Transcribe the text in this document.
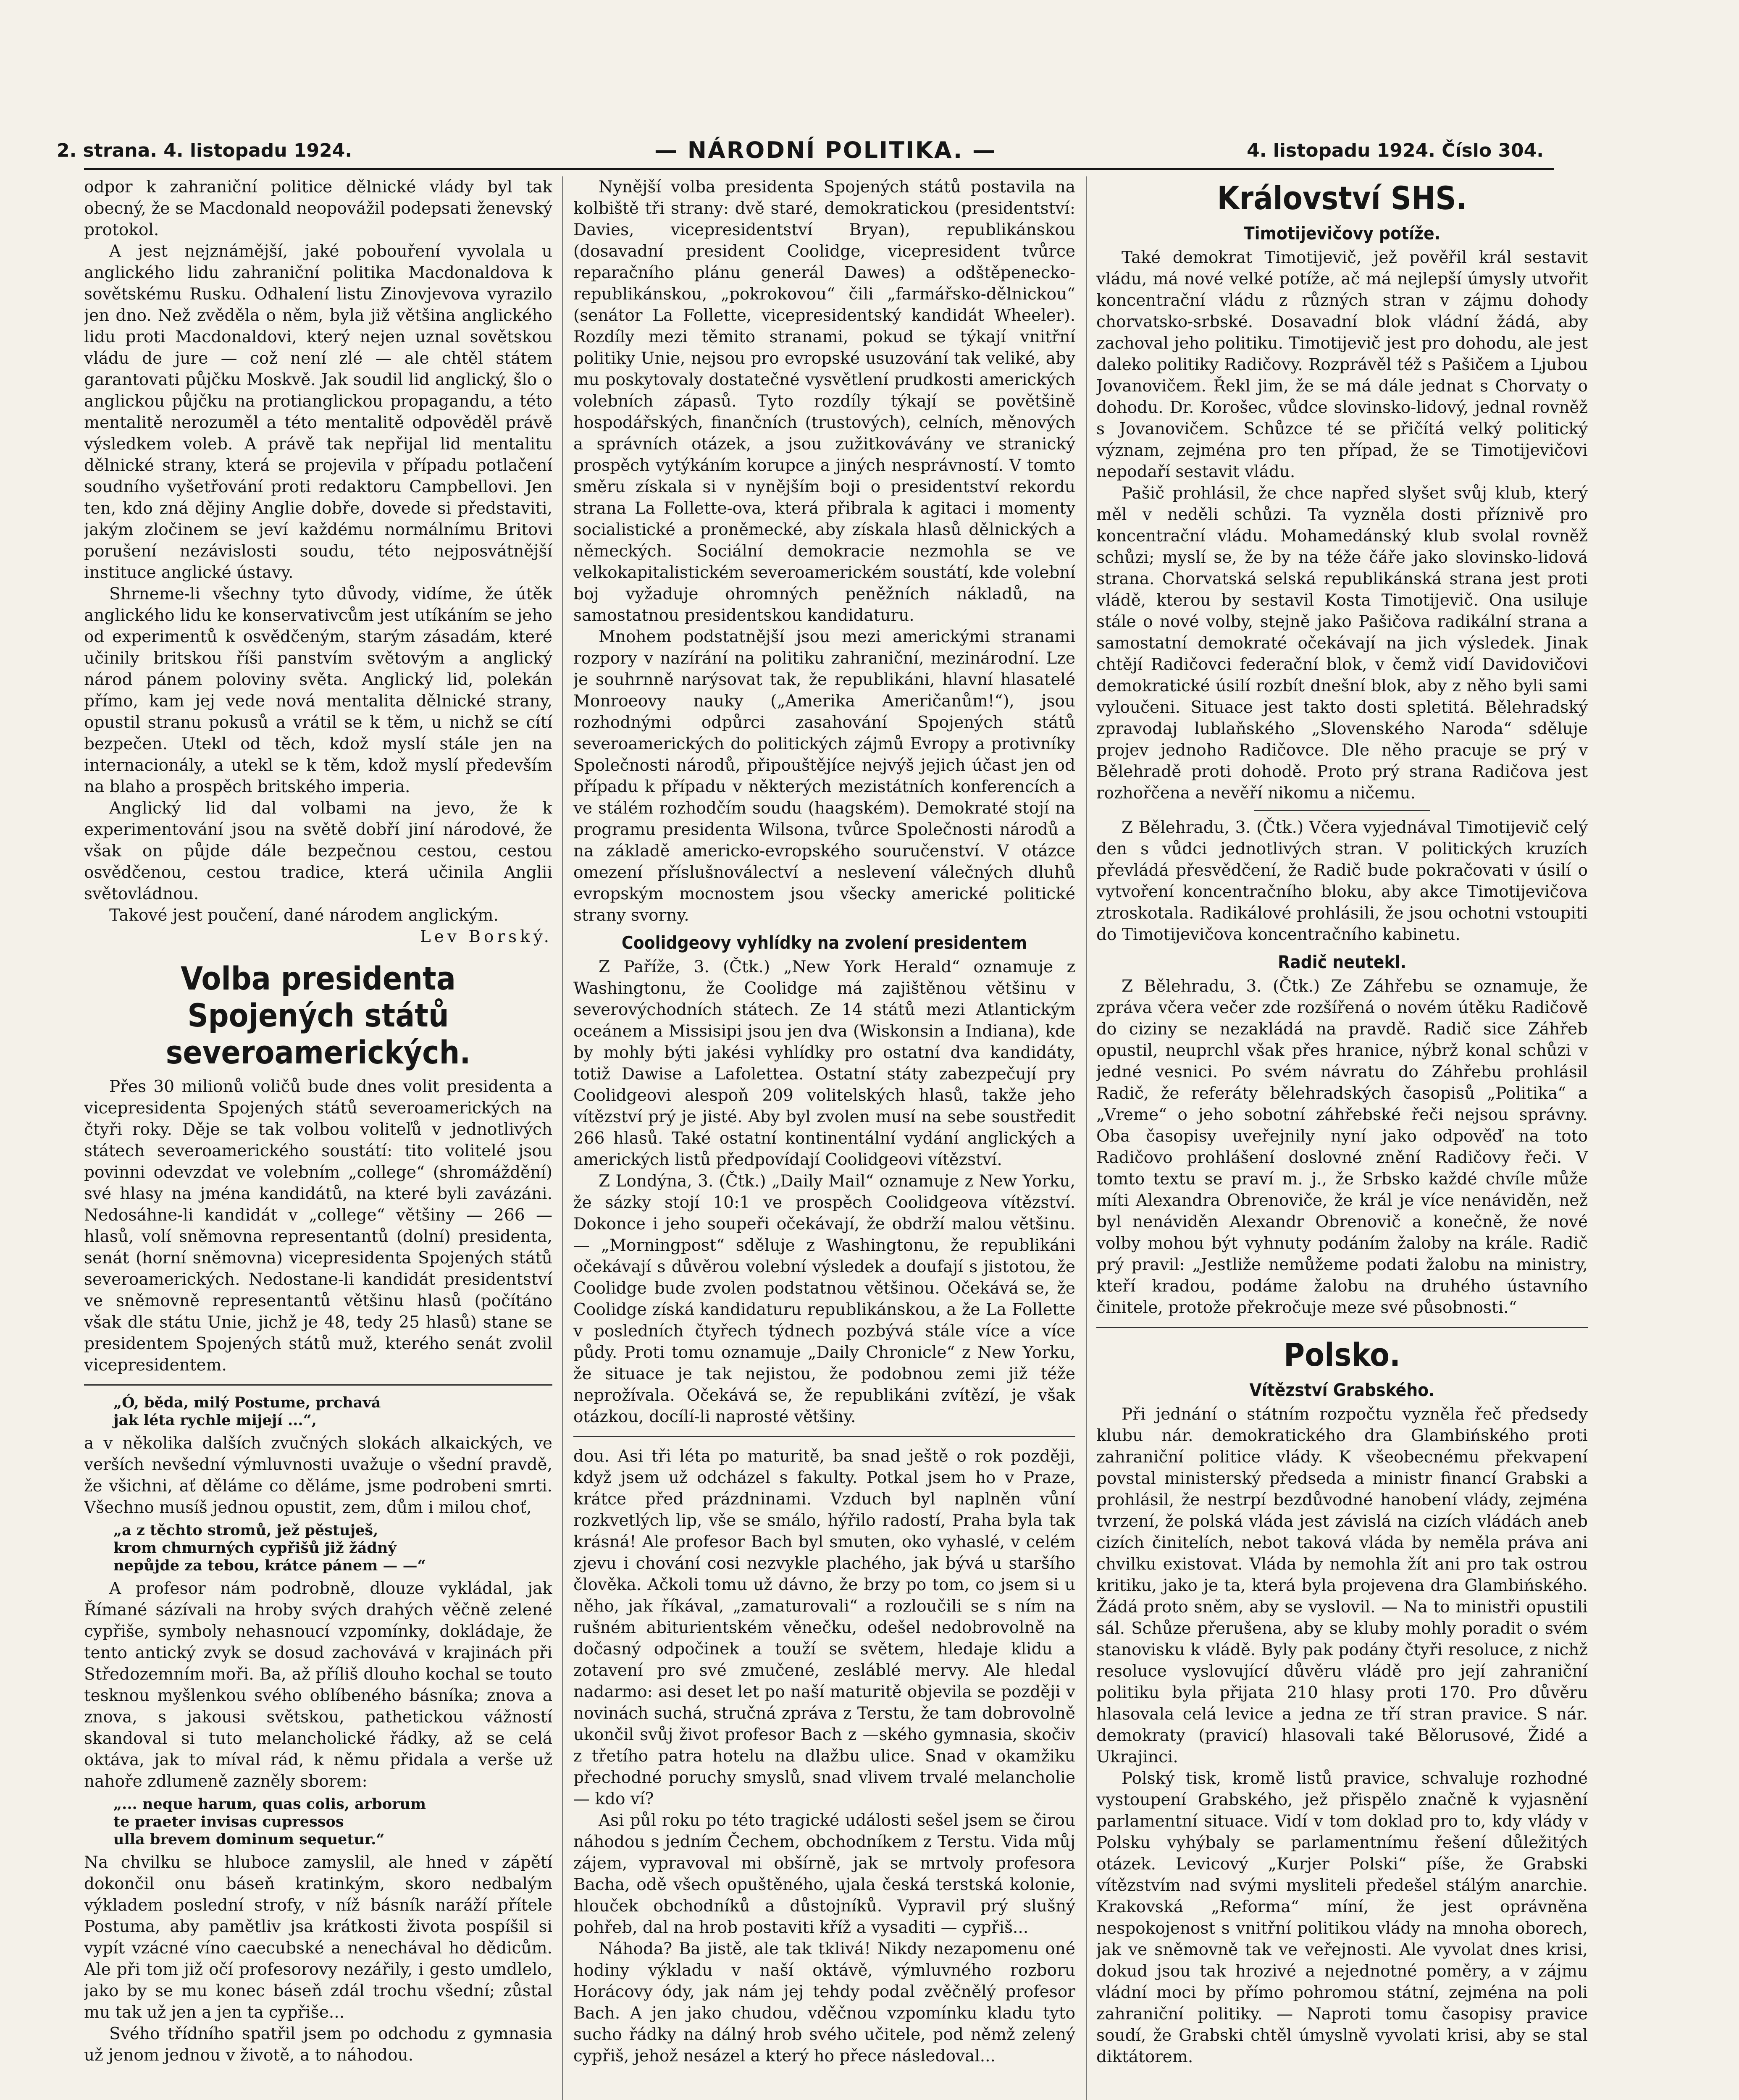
2. strana. 4. listopadu 1924.	— NÁRODNÍ POLITIKA. —	4. listopadu 1924. Číslo 304.

odpor k zahraniční politice dělnické vlády byl tak obecný, že se Macdonald neopovážil podepsati ženevský protokol.

A jest nejznámější, jaké pobouření vyvolala u anglického lidu zahraniční politika Macdonaldova k sovětskému Rusku. Odhalení listu Zinovjevova vyrazilo jen dno. Než zvěděla o něm, byla již většina anglického lidu proti Macdonaldovi, který nejen uznal sovětskou vládu de jure — což není zlé — ale chtěl státem garantovati půjčku Moskvě. Jak soudil lid anglický, šlo o anglickou půjčku na protianglickou propagandu, a této mentalitě nerozuměl a této mentalitě odpověděl právě výsledkem voleb. A právě tak nepřijal lid mentalitu dělnické strany, která se projevila v případu potlačení soudního vyšetřování proti redaktoru Campbellovi. Jen ten, kdo zná dějiny Anglie dobře, dovede si představiti, jakým zločinem se jeví každému normálnímu Britovi porušení nezávislosti soudu, této nejposvátnější instituce anglické ústavy.

Shrneme-li všechny tyto důvody, vidíme, že útěk anglického lidu ke konservativcům jest utíkáním se jeho od experimentů k osvědčeným, starým zásadám, které učinily britskou říši panstvím světovým a anglický národ pánem poloviny světa. Anglický lid, polekán přímo, kam jej vede nová mentalita dělnické strany, opustil stranu pokusů a vrátil se k těm, u nichž se cítí bezpečen. Utekl od těch, kdož myslí stále jen na internacionály, a utekl se k těm, kdož myslí především na blaho a prospěch britského imperia.

Anglický lid dal volbami na jevo, že k experimentování jsou na světě dobří jiní národové, že však on půjde dále bezpečnou cestou, cestou osvědčenou, cestou tradice, která učinila Anglii světovládnou.

Takové jest poučení, dané národem anglickým.

Lev Borský.

Volba presidenta Spojených států severoamerických.

Přes 30 milionů voličů bude dnes volit presidenta a vicepresidenta Spojených států severoamerických na čtyři roky. Děje se tak volbou voliteľů v jednotlivých státech severoamerického soustátí: tito volitelé jsou povinni odevzdat ve volebním „college“ (shromáždění) své hlasy na jména kandidátů, na které byli zavázáni. Nedosáhne-li kandidát v „college“ většiny — 266 — hlasů, volí sněmovna representantů (dolní) presidenta, senát (horní sněmovna) vicepresidenta Spojených států severoamerických. Nedostane-li kandidát presidentství ve sněmovně representantů většinu hlasů (počítáno však dle státu Unie, jichž je 48, tedy 25 hlasů) stane se presidentem Spojených států muž, kterého senát zvolil vicepresidentem.

„Ó, běda, milý Postume, prchavá
jak léta rychle mijejí ...“,

a v několika dalších zvučných slokách alkaických, ve verších nevšední výmluvnosti uvažuje o všední pravdě, že všichni, ať děláme co děláme, jsme podrobeni smrti. Všechno musíš jednou opustit, zem, dům i milou choť,

„a z těchto stromů, jež pěstuješ,
krom chmurných cypřišů již žádný
nepůjde za tebou, krátce pánem — —“

A profesor nám podrobně, dlouze vykládal, jak Římané sázívali na hroby svých drahých věčně zelené cypřiše, symboly nehasnoucí vzpomínky, dokládaje, že tento antický zvyk se dosud zachovává v krajinách při Středozemním moři. Ba, až příliš dlouho kochal se touto tesknou myšlenkou svého oblíbeného básníka; znova a znova, s jakousi světskou, pathetickou vážností skandoval si tuto melancholické řádky, až se celá oktáva, jak to míval rád, k němu přidala a verše už nahoře zdlumeně zazněly sborem:

„... neque harum, quas colis, arborum
te praeter invisas cupressos
ulla brevem dominum sequetur.“

Na chvilku se hluboce zamyslil, ale hned v zápětí dokončil onu báseň kratinkým, skoro nedbalým výkladem poslední strofy, v níž básník naráží přítele Postuma, aby pamětliv jsa krátkosti života pospíšil si vypít vzácné víno caecubské a nenechával ho dědicům. Ale při tom již očí profesorovy nezářily, i gesto umdlelo, jako by se mu konec báseň zdál trochu všední; zůstal mu tak už jen a jen ta cypřiše...

Svého třídního spatřil jsem po odchodu z gymnasia už jenom jednou v životě, a to náhodou.

Nynější volba presidenta Spojených států postavila na kolbiště tři strany: dvě staré, demokratickou (presidentství: Davies, vicepresidentství Bryan), republikánskou (dosavadní president Coolidge, vicepresident tvůrce reparačního plánu generál Dawes) a odštěpenecko-republikánskou, „pokrokovou“ čili „farmářsko-dělnickou“ (senátor La Follette, vicepresidentský kandidát Wheeler). Rozdíly mezi těmito stranami, pokud se týkají vnitřní politiky Unie, nejsou pro evropské usuzování tak veliké, aby mu poskytovaly dostatečné vysvětlení prudkosti amerických volebních zápasů. Tyto rozdíly týkají se povětšině hospodářských, finančních (trustových), celních, měnových a správních otázek, a jsou zužitkovávány ve stranický prospěch vytýkáním korupce a jiných nesprávností. V tomto směru získala si v nynějším boji o presidentství rekordu strana La Follette-ova, která přibrala k agitaci i momenty socialistické a proněmecké, aby získala hlasů dělnických a německých. Sociální demokracie nezmohla se ve velkokapitalistickém severoamerickém soustátí, kde volební boj vyžaduje ohromných peněžních nákladů, na samostatnou presidentskou kandidaturu.

Mnohem podstatnější jsou mezi americkými stranami rozpory v nazírání na politiku zahraniční, mezinárodní. Lze je souhrnně narýsovat tak, že republikáni, hlavní hlasatelé Monroeovy nauky („Amerika Američanům!“), jsou rozhodnými odpůrci zasahování Spojených států severoamerických do politických zájmů Evropy a protivníky Společnosti národů, připouštějíce nejvýš jejich účast jen od případu k případu v některých mezistátních konferencích a ve stálém rozhodčím soudu (haagském). Demokraté stojí na programu presidenta Wilsona, tvůrce Společnosti národů a na základě americko-evropského souručenství. V otázce omezení příslušnoválectví a neslevení válečných dluhů evropským mocnostem jsou všecky americké politické strany svorny.

Coolidgeovy vyhlídky na zvolení presidentem

Z Paříže, 3. (Čtk.) „New York Herald“ oznamuje z Washingtonu, že Coolidge má zajištěnou většinu v severovýchodních státech. Ze 14 států mezi Atlantickým oceánem a Missisipi jsou jen dva (Wiskonsin a Indiana), kde by mohly býti jakési vyhlídky pro ostatní dva kandidáty, totiž Dawise a Lafolettea. Ostatní státy zabezpečují pry Coolidgeovi alespoň 209 volitelských hlasů, takže jeho vítězství prý je jisté. Aby byl zvolen musí na sebe soustředit 266 hlasů. Také ostatní kontinentální vydání anglických a amerických listů předpovídají Coolidgeovi vítězství.

Z Londýna, 3. (Čtk.) „Daily Mail“ oznamuje z New Yorku, že sázky stojí 10:1 ve prospěch Coolidgeova vítězství. Dokonce i jeho soupeři očekávají, že obdrží malou většinu. — „Morningpost“ sděluje z Washingtonu, že republikáni očekávají s důvěrou volební výsledek a doufají s jistotou, že Coolidge bude zvolen podstatnou většinou. Očekává se, že Coolidge získá kandidaturu republikánskou, a že La Follette v posledních čtyřech týdnech pozbývá stále více a více půdy. Proti tomu oznamuje „Daily Chronicle“ z New Yorku, že situace je tak nejistou, že podobnou zemi již téže neprožívala. Očekává se, že republikáni zvítězí, je však otázkou, docílí-li naprosté většiny.

dou. Asi tři léta po maturitě, ba snad ještě o rok později, když jsem už odcházel s fakulty. Potkal jsem ho v Praze, krátce před prázdninami. Vzduch byl naplněn vůní rozkvetlých lip, vše se smálo, hýřilo radostí, Praha byla tak krásná! Ale profesor Bach byl smuten, oko vyhaslé, v celém zjevu i chování cosi nezvykle plachého, jak bývá u staršího člověka. Ačkoli tomu už dávno, že brzy po tom, co jsem si u něho, jak říkával, „zamaturovali“ a rozloučili se s ním na rušném abiturientském věnečku, odešel nedobrovolně na dočasný odpočinek a touží se světem, hledaje klidu a zotavení pro své zmučené, zesláblé mervy. Ale hledal nadarmo: asi deset let po naší maturitě objevila se později v novinách suchá, stručná zpráva z Terstu, že tam dobrovolně ukončil svůj život profesor Bach z —ského gymnasia, skočiv z třetího patra hotelu na dlažbu ulice. Snad v okamžiku přechodné poruchy smyslů, snad vlivem trvalé melancholie — kdo ví?

Asi půl roku po této tragické události sešel jsem se čirou náhodou s jedním Čechem, obchodníkem z Terstu. Vida můj zájem, vypravoval mi obšírně, jak se mrtvoly profesora Bacha, odě všech opuštěného, ujala česká terstská kolonie, hlouček obchodníků a důstojníků. Vypravil prý slušný pohřeb, dal na hrob postaviti kříž a vysaditi — cypřiš...

Náhoda? Ba jistě, ale tak tklivá! Nikdy nezapomenu oné hodiny výkladu v naší oktávě, výmluvného rozboru Horácovy ódy, jak nám jej tehdy podal zvěčnělý profesor Bach. A jen jako chudou, vděčnou vzpomínku kladu tyto sucho řádky na dálný hrob svého učitele, pod němž zelený cypřiš, jehož nesázel a který ho přece následoval...

Království SHS.
Timotijevičovy potíže.

Také demokrat Timotijevič, jež pověřil král sestavit vládu, má nové velké potíže, ač má nejlepší úmysly utvořit koncentrační vládu z různých stran v zájmu dohody chorvatsko-srbské. Dosavadní blok vládní žádá, aby zachoval jeho politiku. Timotijevič jest pro dohodu, ale jest daleko politiky Radičovy. Rozprávěl též s Pašičem a Ljubou Jovanovičem. Řekl jim, že se má dále jednat s Chorvaty o dohodu. Dr. Korošec, vůdce slovinsko-lidový, jednal rovněž s Jovanovičem. Schůzce té se přičítá velký politický význam, zejména pro ten případ, že se Timotijevičovi nepodaří sestavit vládu.

Pašič prohlásil, že chce napřed slyšet svůj klub, který měl v neděli schůzi. Ta vyzněla dosti příznivě pro koncentrační vládu. Mohamedánský klub svolal rovněž schůzi; myslí se, že by na téže čáře jako slovinsko-lidová strana. Chorvatská selská republikánská strana jest proti vládě, kterou by sestavil Kosta Timotijevič. Ona usiluje stále o nové volby, stejně jako Pašičova radikální strana a samostatní demokraté očekávají na jich výsledek. Jinak chtějí Radičovci federační blok, v čemž vidí Davidovičovi demokratické úsilí rozbít dnešní blok, aby z něho byli sami vyloučeni. Situace jest takto dosti spletitá. Bělehradský zpravodaj lublaňského „Slovenského Naroda“ sděluje projev jednoho Radičovce. Dle něho pracuje se prý v Bělehradě proti dohodě. Proto prý strana Radičova jest rozhořčena a nevěří nikomu a ničemu.

Z Bělehradu, 3. (Čtk.) Včera vyjednával Timotijevič celý den s vůdci jednotlivých stran. V politických kruzích převládá přesvědčení, že Radič bude pokračovati v úsilí o vytvoření koncentračního bloku, aby akce Timotijevičova ztroskotala. Radikálové prohlásili, že jsou ochotni vstoupiti do Timotijevičova koncentračního kabinetu.

Radič neutekl.

Z Bělehradu, 3. (Čtk.) Ze Záhřebu se oznamuje, že zpráva včera večer zde rozšířená o novém útěku Radičově do ciziny se nezakládá na pravdě. Radič sice Záhřeb opustil, neuprchl však přes hranice, nýbrž konal schůzi v jedné vesnici. Po svém návratu do Záhřebu prohlásil Radič, že referáty bělehradských časopisů „Politika“ a „Vreme“ o jeho sobotní záhřebské řeči nejsou správny. Oba časopisy uveřejnily nyní jako odpověď na toto Radičovo prohlášení doslovné znění Radičovy řeči. V tomto textu se praví m. j., že Srbsko každé chvíle může míti Alexandra Obrenoviče, že král je více nenáviděn, než byl nenáviděn Alexandr Obrenovič a konečně, že nové volby mohou být vyhnuty podáním žaloby na krále. Radič prý pravil: „Jestliže nemůžeme podati žalobu na ministry, kteří kradou, podáme žalobu na druhého ústavního činitele, protože překročuje meze své působnosti.“

Polsko.
Vítězství Grabského.

Při jednání o státním rozpočtu vyzněla řeč předsedy klubu nár. demokratického dra Glambińského proti zahraniční politice vlády. K všeobecnému překvapení povstal ministerský předseda a ministr financí Grabski a prohlásil, že nestrpí bezdůvodné hanobení vlády, zejména tvrzení, že polská vláda jest závislá na cizích vládách aneb cizích činitelích, nebot taková vláda by neměla práva ani chvilku existovat. Vláda by nemohla žít ani pro tak ostrou kritiku, jako je ta, která byla projevena dra Glambińského. Žádá proto sněm, aby se vyslovil. — Na to ministři opustili sál. Schůze přerušena, aby se kluby mohly poradit o svém stanovisku k vládě. Byly pak podány čtyři resoluce, z nichž resoluce vyslovující důvěru vládě pro její zahraniční politiku byla přijata 210 hlasy proti 170. Pro důvěru hlasovala celá levice a jedna ze tří stran pravice. S nár. demokraty (pravicí) hlasovali také Bělorusové, Židé a Ukrajinci.

Polský tisk, kromě listů pravice, schvaluje rozhodné vystoupení Grabského, jež přispělo značně k vyjasnění parlamentní situace. Vidí v tom doklad pro to, kdy vlády v Polsku vyhýbaly se parlamentnímu řešení důležitých otázek. Levicový „Kurjer Polski“ píše, že Grabski vítězstvím nad svými mysliteli předešel stálým anarchie. Krakovská „Reforma“ míní, že jest oprávněna nespokojenost s vnitřní politikou vlády na mnoha oborech, jak ve sněmovně tak ve veřejnosti. Ale vyvolat dnes krisi, dokud jsou tak hrozivé a nejednotné poměry, a v zájmu vládní moci by přímo pohromou státní, zejména na poli zahraniční politiky. — Naproti tomu časopisy pravice soudí, že Grabski chtěl úmyslně vyvolati krisi, aby se stal diktátorem.
